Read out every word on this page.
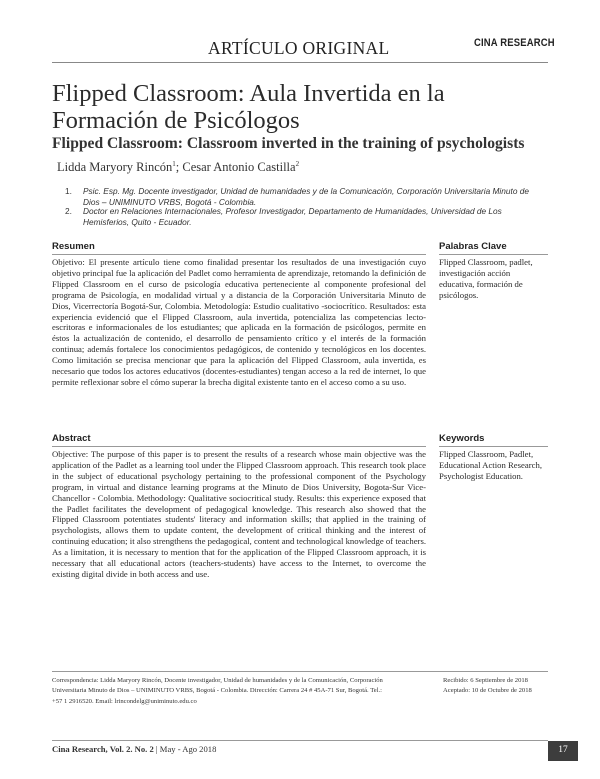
ARTÍCULO ORIGINAL	CINA RESEARCH
Flipped Classroom: Aula Invertida en la Formación de Psicólogos
Flipped Classroom: Classroom inverted in the training of psychologists
Lidda Maryory Rincón$^1$; Cesar Antonio Castilla$^2$
1. Psic. Esp. Mg. Docente investigador, Unidad de humanidades y de la Comunicación, Corporación Universitaria Minuto de Dios – UNIMINUTO VRBS, Bogotá - Colombia.
2. Doctor en Relaciones Internacionales, Profesor Investigador, Departamento de Humanidades, Universidad de Los Hemisferios, Quito - Ecuador.
Resumen

Objetivo: El presente artículo tiene como finalidad presentar los resultados de una investigación cuyo objetivo principal fue la aplicación del Padlet como herramienta de aprendizaje, retomando la definición de Flipped Classroom en el curso de psicología educativa perteneciente al componente profesional del programa de Psicología, en modalidad virtual y a distancia de la Corporación Universitaria Minuto de Dios, Vicerrectoría Bogotá-Sur, Colombia. Metodología: Estudio cualitativo -sociocrítico. Resultados: esta experiencia evidenció que el Flipped Classroom, aula invertida, potencializa las competencias lecto-escritoras e informacionales de los estudiantes; que aplicada en la formación de psicólogos, permite en éstos la actualización de contenido, el desarrollo de pensamiento crítico y el interés de la formación continua; además fortalece los conocimientos pedagógicos, de contenido y tecnológicos en los docentes. Como limitación se precisa mencionar que para la aplicación del Flipped Classroom, aula invertida, es necesario que todos los actores educativos (docentes-estudiantes) tengan acceso a la red de internet, lo que permite reflexionar sobre el cómo superar la brecha digital existente tanto en el acceso como a su uso.

Palabras Clave

Flipped Classroom, padlet, investigación acción educativa, formación de psicólogos.

Abstract

Objective: The purpose of this paper is to present the results of a research whose main objective was the application of the Padlet as a learning tool under the Flipped Classroom approach. This research took place in the subject of educational psychology pertaining to the professional component of the Psychology program, in virtual and distance learning programs at the Minuto de Dios University, Bogota-Sur Vice-Chancellor - Colombia. Methodology: Qualitative sociocritical study. Results: this experience exposed that the Padlet facilitates the development of pedagogical knowledge. This research also showed that the Flipped Classroom potentiates students' literacy and information skills; that applied in the training of psychologists, allows them to update content, the development of critical thinking and the interest of continuing education; it also strengthens the pedagogical, content and technological knowledge of teachers. As a limitation, it is necessary to mention that for the application of the Flipped Classroom approach, it is necessary that all educational actors (teachers-students) have access to the Internet, to overcome the existing digital divide in both access and use.

Keywords

Flipped Classroom, Padlet, Educational Action Research, Psychologist Education.

Correspondencia: Lidda Maryory Rincón, Docente investigador, Unidad de humanidades y de la Comunicación, Corporación Universitaria Minuto de Dios – UNIMINUTO VRBS, Bogotá - Colombia. Dirección: Carrera 24 # 45A-71 Sur, Bogotá. Tel.: +57 1 2916520. Email: lrincondelg@uniminuto.edu.co

Recibido: 6 Septiembre de 2018
Aceptado: 10 de Octubre de 2018
Cina Research, Vol. 2. No. 2 | May - Ago 2018	17
